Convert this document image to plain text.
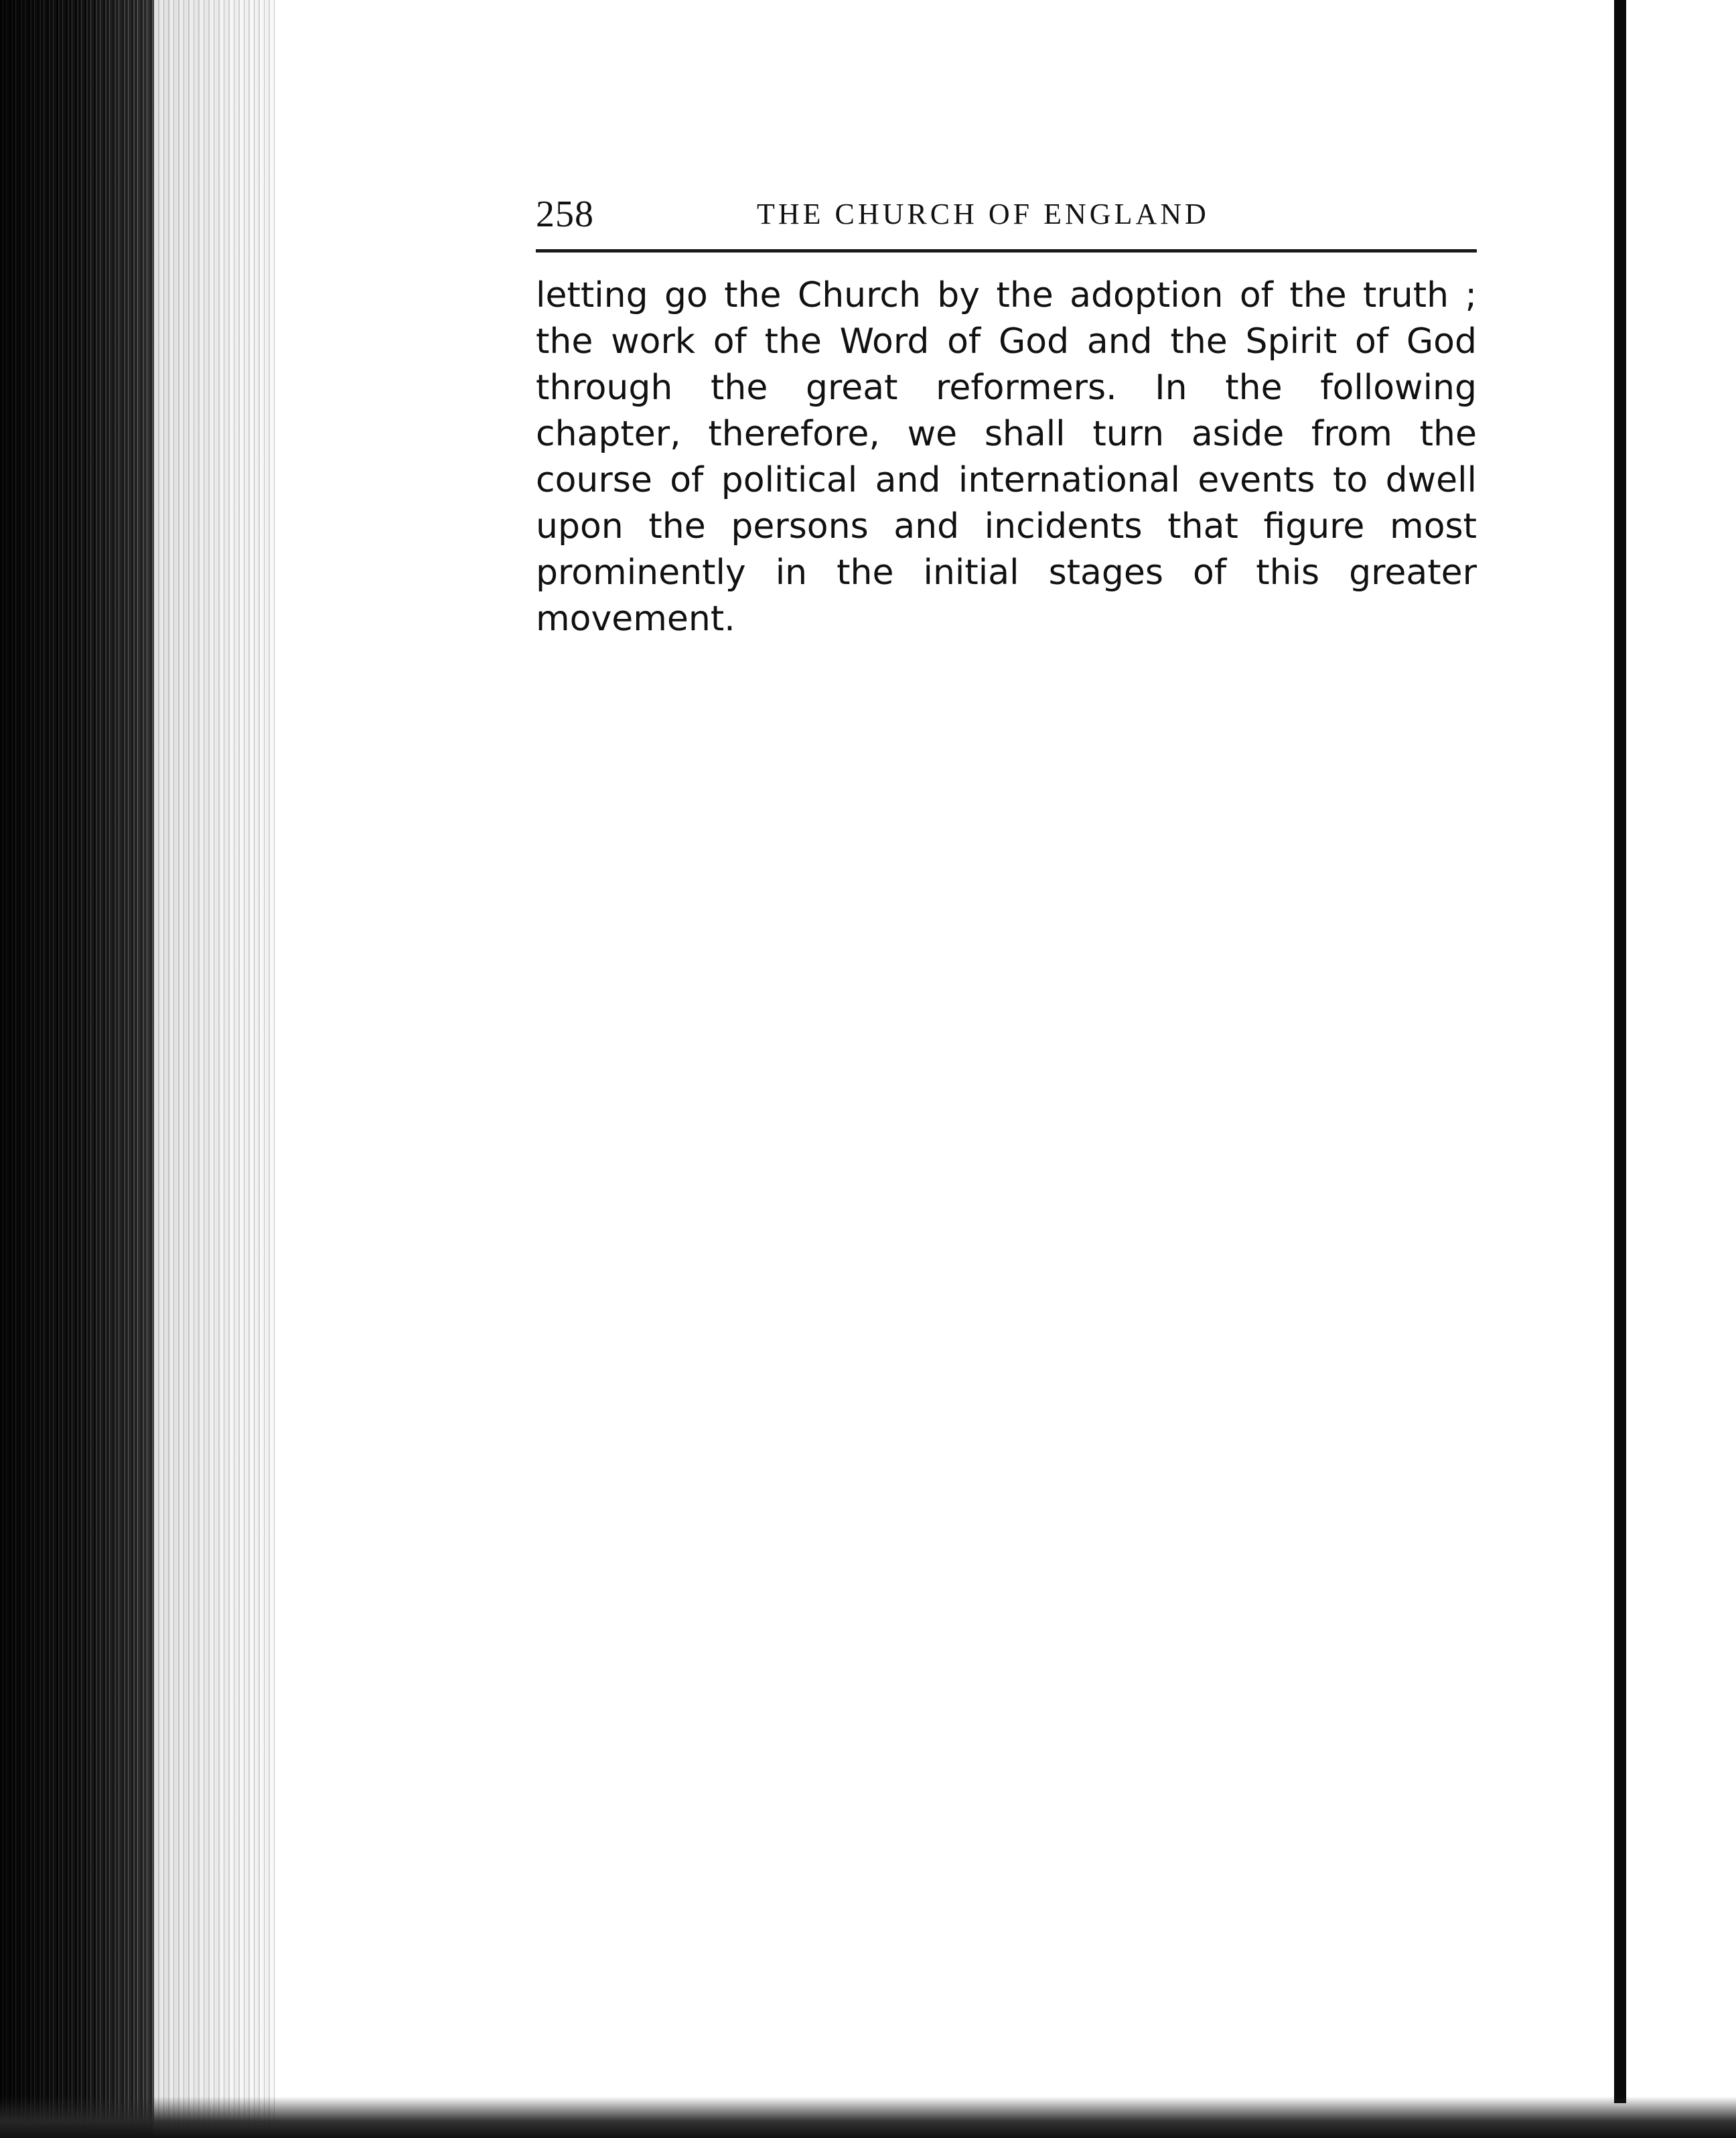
258	THE CHURCH OF ENGLAND
letting go the Church by the adoption of the truth ;
the work of the Word of God and the Spirit of God
through the great reformers. In the following
chapter, therefore, we shall turn aside from the
course of political and international events to dwell
upon the persons and incidents that figure most
prominently in the initial stages of this greater
movement.
